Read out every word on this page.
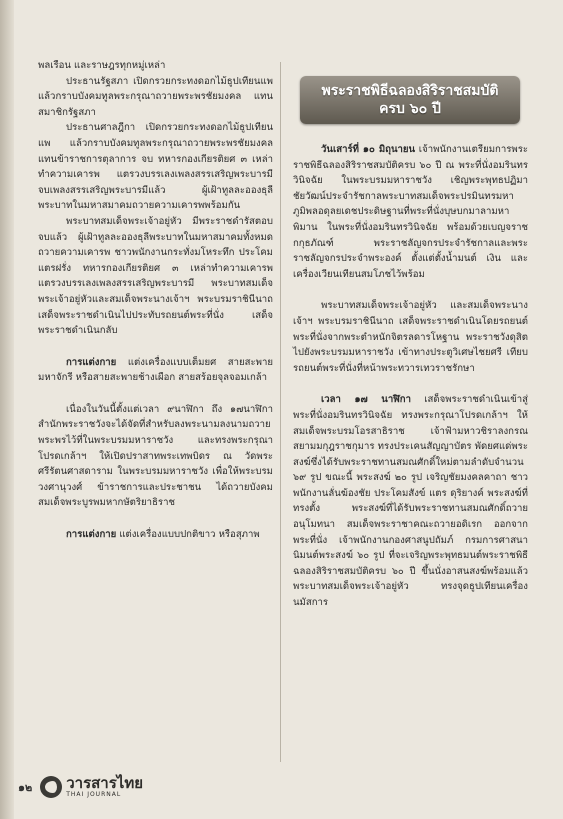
พลเรือน และราษฎรทุกหมู่เหล่า

ประธานรัฐสภา เปิดกรวยกระทงดอกไม้ธูปเทียนแพ แล้วกราบบังคมทูลพระกรุณาถวายพระพรชัยมงคล แทนสมาชิกรัฐสภา

ประธานศาลฎีกา เปิดกรวยกระทงดอกไม้ธูปเทียนแพ แล้วกราบบังคมทูลพระกรุณาถวายพระพรชัยมงคล แทนข้าราชการตุลาการ จบ ทหารกองเกียรติยศ ๓ เหล่าทำความเคารพ แตรวงบรรเลงเพลงสรรเสริญพระบารมี จบเพลงสรรเสริญพระบารมีแล้ว ผู้เฝ้าทูลละอองธุลีพระบาทในมหาสมาคมถวายความเคารพพร้อมกัน

พระบาทสมเด็จพระเจ้าอยู่หัว มีพระราชดำรัสตอบ จบแล้ว ผู้เฝ้าทูลละอองธุลีพระบาทในมหาสมาคมทั้งหมดถวายความเคารพ ชาวพนักงานกระทั่งมโหระทึก ประโคมแตรฝรั่ง ทหารกองเกียรติยศ ๓ เหล่าทำความเคารพ แตรวงบรรเลงเพลงสรรเสริญพระบารมี พระบาทสมเด็จพระเจ้าอยู่หัวและสมเด็จพระนางเจ้าฯ พระบรมราชินีนาถ เสด็จพระราชดำเนินไปประทับรถยนต์พระที่นั่ง เสด็จพระราชดำเนินกลับ

การแต่งกาย แต่งเครื่องแบบเต็มยศ สายสะพายมหาจักรี หรือสายสะพายช้างเผือก สายสร้อยจุลจอมเกล้า

เนื่องในวันนี้ตั้งแต่เวลา ๙นาฬิกา ถึง ๑๗นาฬิกา สำนักพระราชวังจะได้จัดที่สำหรับลงพระนามลงนามถวายพระพรไว้ที่ในพระบรมมหาราชวัง และทรงพระกรุณาโปรดเกล้าฯ ให้เปิดปราสาทพระเทพบิดร ณ วัดพระศรีรัตนศาสดาราม ในพระบรมมหาราชวัง เพื่อให้พระบรมวงศานุวงศ์ ข้าราชการและประชาชน ได้ถวายบังคมสมเด็จพระบูรพมหากษัตริยาธิราช

การแต่งกาย แต่งเครื่องแบบปกติขาว หรือสุภาพ

พระราชพิธีฉลองสิริราชสมบัติ
ครบ ๖๐ ปี

วันเสาร์ที่ ๑๐ มิถุนายน เจ้าพนักงานเตรียมการพระราชพิธีฉลองสิริราชสมบัติครบ ๖๐ ปี ณ พระที่นั่งอมรินทรวินิจฉัย ในพระบรมมหาราชวัง เชิญพระพุทธปฏิมาชัยวัฒน์ประจำรัชกาลพระบาทสมเด็จพระปรมินทรมหาภูมิพลอดุลยเดชประดิษฐานที่พระที่นั่งบุษบกมาลามหาพิมาน ในพระที่นั่งอมรินทรวินิจฉัย พร้อมด้วยเบญจราชกกุธภัณฑ์ พระราชลัญจกรประจำรัชกาลและพระราชลัญจกรประจำพระองค์ ตั้งแต่ตั้งน้ำมนต์ เงิน และเครื่องเวียนเทียนสมโภชไว้พร้อม

พระบาทสมเด็จพระเจ้าอยู่หัว และสมเด็จพระนางเจ้าฯ พระบรมราชินีนาถ เสด็จพระราชดำเนินโดยรถยนต์พระที่นั่งจากพระตำหนักจิตรลดารโหฐาน พระราชวังดุสิต ไปยังพระบรมมหาราชวัง เข้าทางประตูวิเศษไชยศรี เทียบรถยนต์พระที่นั่งที่หน้าพระทวารเทวราชรักษา

เวลา ๑๗ นาฬิกา เสด็จพระราชดำเนินเข้าสู่พระที่นั่งอมรินทรวินิจฉัย ทรงพระกรุณาโปรดเกล้าฯ ให้สมเด็จพระบรมโอรสาธิราช เจ้าฟ้ามหาวชิราลงกรณ สยามมกุฎราชกุมาร ทรงประเคนสัญญาบัตร พัดยศแด่พระสงฆ์ซึ่งได้รับพระราชทานสมณศักดิ์ใหม่ตามลำดับจำนวน ๖๙ รูป ขณะนี้ พระสงฆ์ ๒๐ รูป เจริญชัยมงคลคาถา ชาวพนักงานลั่นฆ้องชัย ประโคมสังข์ แตร ดุริยางค์ พระสงฆ์ที่ทรงตั้ง พระสงฆ์ที่ได้รับพระราชทานสมณศักดิ์ถวายอนุโมทนา สมเด็จพระราชาคณะถวายอดิเรก ออกจากพระที่นั่ง เจ้าพนักงานกองศาสนูปถัมภ์ กรมการศาสนานิมนต์พระสงฆ์ ๖๐ รูป ที่จะเจริญพระพุทธมนต์พระราชพิธีฉลองสิริราชสมบัติครบ ๖๐ ปี ขึ้นนั่งอาสนสงฆ์พร้อมแล้ว พระบาทสมเด็จพระเจ้าอยู่หัว ทรงจุดธูปเทียนเครื่องนมัสการ

๑๒ วารสารไทย
THAI JOURNAL
